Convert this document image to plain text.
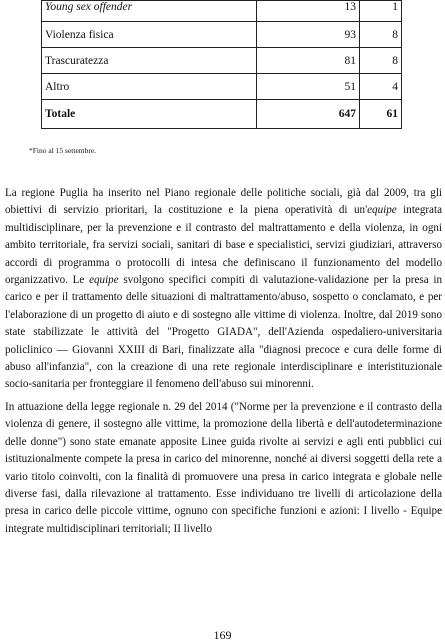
Young sex offender	13	1
Violenza fisica	93	8
Trascuratezza	81	8
Altro	51	4
Totale	647	61
*Fino al 15 settembre.

La regione Puglia ha inserito nel Piano regionale delle politiche sociali, già dal 2009, tra gli obiettivi di servizio prioritari, la costituzione e la piena operatività di un'equipe integrata multidisciplinare, per la prevenzione e il contrasto del maltrattamento e della violenza, in ogni ambito territoriale, fra servizi sociali, sanitari di base e specialistici, servizi giudiziari, attraverso accordi di programma o protocolli di intesa che definiscano il funzionamento del modello organizzativo. Le equipe svolgono specifici compiti di valutazione-validazione per la presa in carico e per il trattamento delle situazioni di maltrattamento/abuso, sospetto o conclamato, e per l'elaborazione di un progetto di aiuto e di sostegno alle vittime di violenza. Inoltre, dal 2019 sono state stabilizzate le attività del "Progetto GIADA", dell'Azienda ospedaliero-universitaria policlinico — Giovanni XXIII di Bari, finalizzate alla "diagnosi precoce e cura delle forme di abuso all'infanzia", con la creazione di una rete regionale interdisciplinare e interistituzionale socio-sanitaria per fronteggiare il fenomeno dell'abuso sui minorenni.

In attuazione della legge regionale n. 29 del 2014 ("Norme per la prevenzione e il contrasto della violenza di genere, il sostegno alle vittime, la promozione della libertà e dell'autodeterminazione delle donne") sono state emanate apposite Linee guida rivolte ai servizi e agli enti pubblici cui istituzionalmente compete la presa in carico del minorenne, nonché ai diversi soggetti della rete a vario titolo coinvolti, con la finalità di promuovere una presa in carico integrata e globale nelle diverse fasi, dalla rilevazione al trattamento. Esse individuano tre livelli di articolazione della presa in carico delle piccole vittime, ognuno con specifiche funzioni e azioni: I livello - Equipe integrate multidisciplinari territoriali; II livello

169
